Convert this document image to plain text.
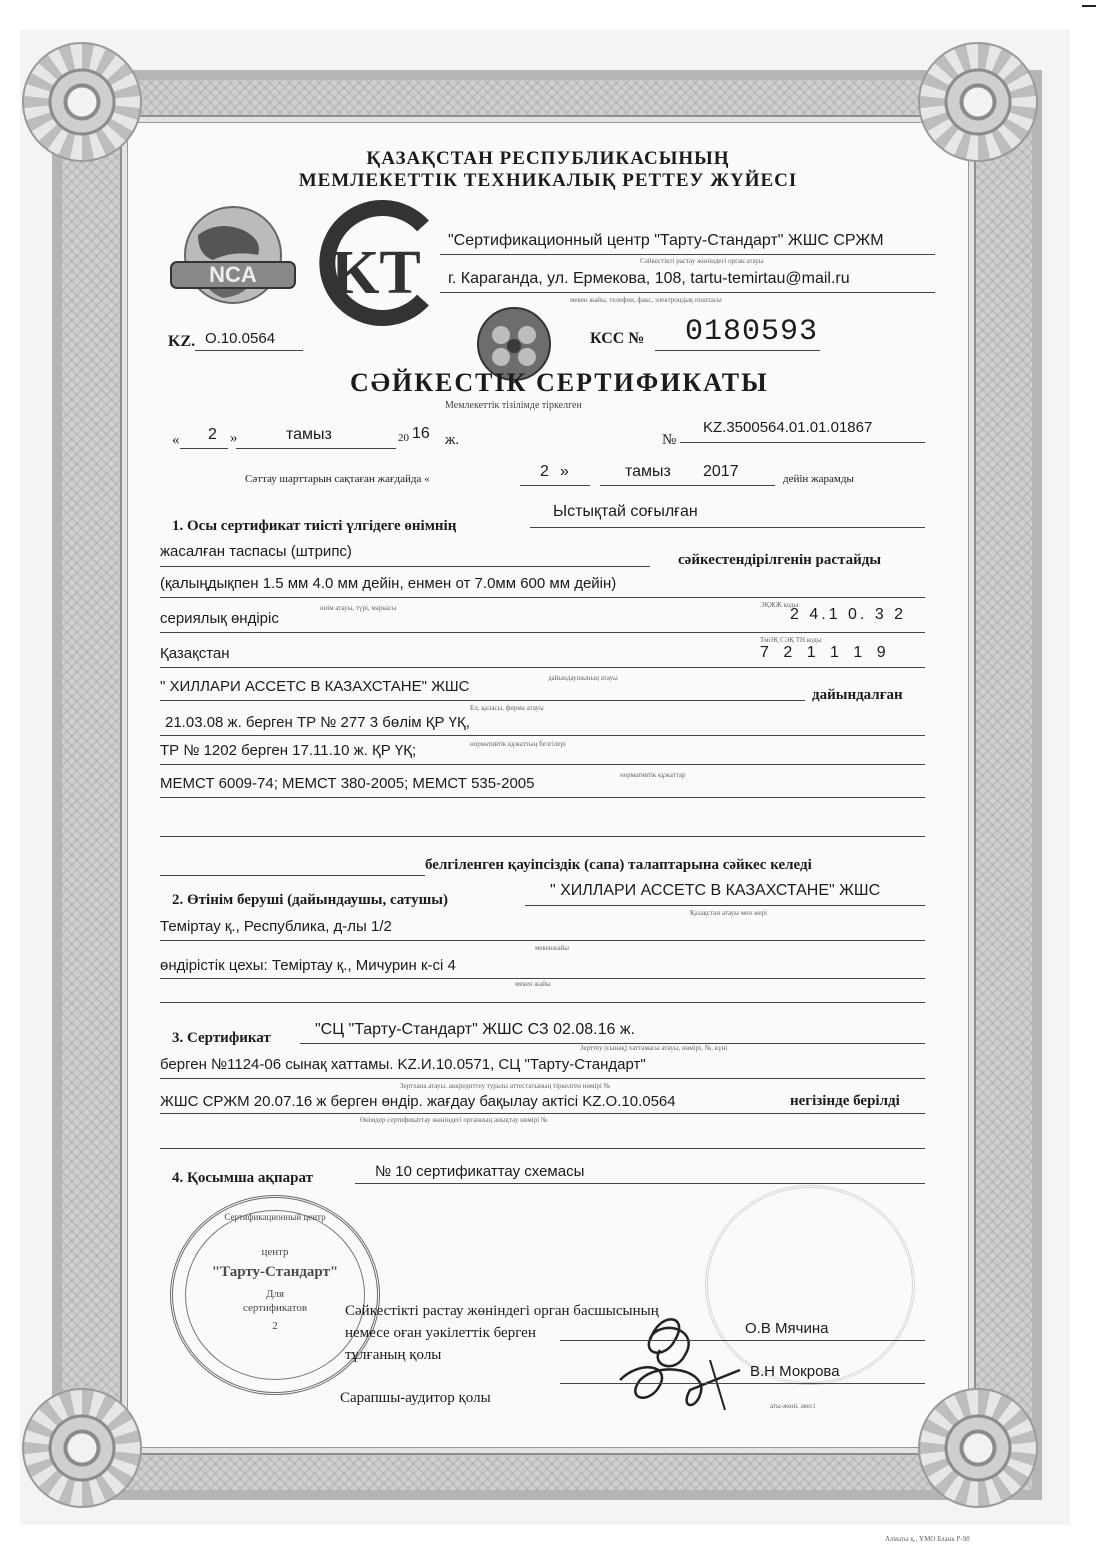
ҚАЗАҚСТАН РЕСПУБЛИКАСЫНЫҢ
МЕМЛЕКЕТТІК ТЕХНИКАЛЫҚ РЕТТЕУ ЖҮЙЕСІ
NCA KT "Сертификационный центр "Тарту-Стандарт" ЖШС СРЖМ
Сәйкестікті растау жөніндегі орган атауы
г. Караганда, ул. Ермекова, 108, tartu-temirtau@mail.ru
мекен жайы, телефон, факс, электрондық поштасы
KZ. О.10.0564	КСС № 0180593
СӘЙКЕСТІК СЕРТИФИКАТЫ
Мемлекеттік тізілімде тіркелген
« 2 »	тамыз	20 16 ж.	№
KZ.3500564.01.01.01867
Сәттау шарттарын сақтаған жағдайда «	2 »	тамыз 2017	дейін жарамды
1. Осы сертификат тиісті үлгідеге өнімнің
Ыстықтай соғылған
жасалған таспасы (штрипс)	сәйкестендірілгенін растайды
(қалыңдықпен 1.5 мм 4.0 мм дейін, енмен от 7.0мм 600 мм дейін)
сериялық өндіріс
өнім атауы, түрі, маркасы	ЭҚЖЖ коды
2 4.1 0. 3 2
Қазақстан
ТмӘҚ СЭҚ ТН коды
7 2 1 1 1 9
" ХИЛЛАРИ АССЕТС В КАЗАХСТАНЕ" ЖШС	дайындаушының атауы
дайындалған
Ел, қаласы, фирма атауы
21.03.08 ж. берген ТР № 277 3 бөлім ҚР ҮҚ,
ТР № 1202 берген 17.11.10 ж. ҚР ҮҚ;	нормативтік құжаттың белгілері
МЕМСТ 6009-74; МЕМСТ 380-2005; МЕМСТ 535-2005	нормативтік құжаттар
белгіленген қауіпсіздік (сапа) талаптарына сәйкес келеді
2. Өтінім беруші (дайындаушы, сатушы)
" ХИЛЛАРИ АССЕТС В КАЗАХСТАНЕ" ЖШС
Қазақстан атауы мен жері
Теміртау қ., Республика, д-лы 1/2
мекенжайы
өндірістік цехы: Теміртау қ., Мичурин к-сі 4
мекен жайы
3. Сертификат	"СЦ "Тарту-Стандарт" ЖШС СЗ 02.08.16 ж.
Зерттеу (сынақ) хаттамасы атауы, нөмірі, №, күні
берген №1124-06 сынақ хаттамы. KZ.И.10.0571, СЦ "Тарту-Стандарт"
Зертхана атауы, аккредиттеу туралы аттестатының тіркелген нөмірі №
ЖШС СРЖМ 20.07.16 ж берген өндір. жағдау бақылау актісі KZ.О.10.0564	негізінде берілді
Өнімдер сертификаттау жөніндегі органның анықтау нөмірі №
4. Қосымша ақпарат	№ 10 сертификаттау схемасы
Сертификационный центр
центр
"Тарту-Стандарт"
Для
сертификатов
2
Сәйкестікті растау жөніндегі орган басшысының
немесе оған уәкілеттік берген
тұлғаның қолы
Сарапшы-аудитор қолы
О.В Мячина
В.Н Мокрова
аты-жөні, әкесі
Алматы қ., ҰМО Бланк Р-98
